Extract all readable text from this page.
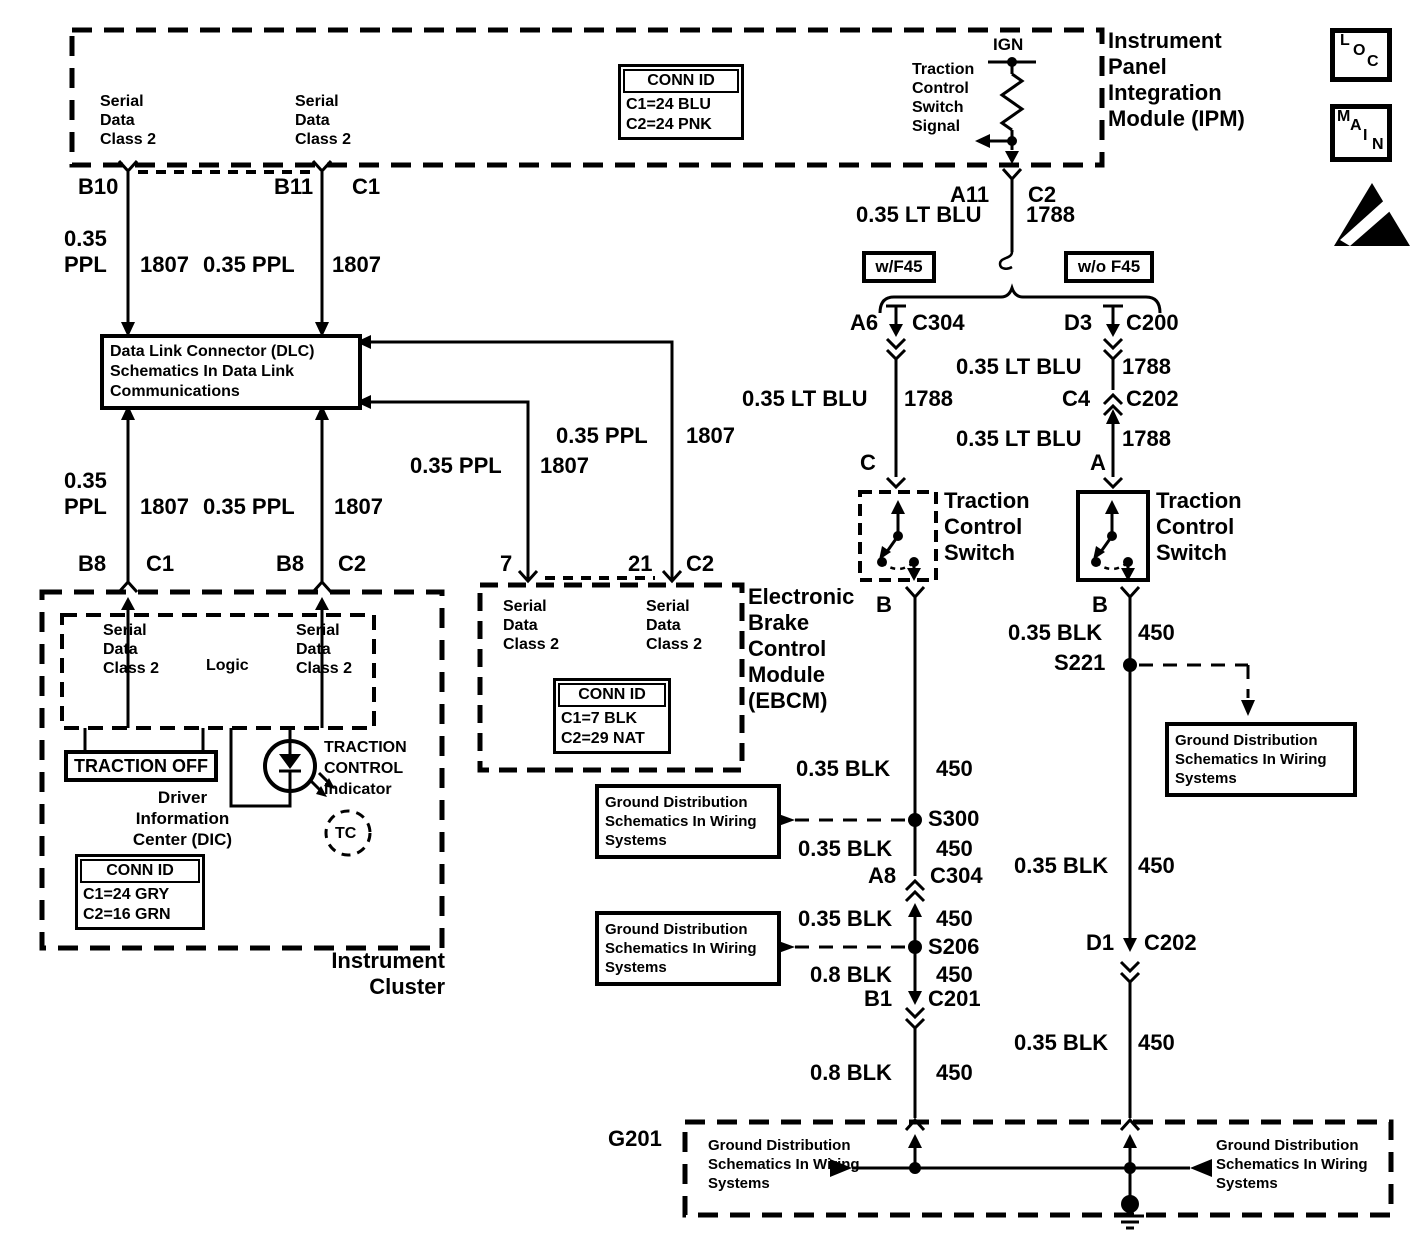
Serial Data Class 2
Serial Data Class 2
CONN ID
C1=24 BLU
C2=24 PNK
IGN
Traction Control Switch Signal
Instrument Panel Integration Module (IPM)
B10	B11 C1	A11 C2
0.35 PPL	1807 0.35 PPL 1807
0.35 LT BLU 1788
w/F45	w/o F45
A6 C304	D3 C200
0.35 LT BLU 1788
0.35 LT BLU 1788
C4 C202
0.35 LT BLU 1788
C	A
Traction Control Switch
Traction Control Switch
B	B
Data Link Connector (DLC) Schematics In Data Link Communications
0.35 PPL	1807 0.35 PPL 1807
B8 C1	B8 C2
0.35 PPL 1807
0.35 PPL 1807
7	21 C2
Serial Data Class 2
Serial Data Class 2
CONN ID
C1=7 BLK
C2=29 NAT
Electronic Brake Control Module (EBCM)
Serial Data Class 2	Logic
Serial Data Class 2
TRACTION OFF
Driver Information Center (DIC)
TRACTION CONTROL Indicator
TC
CONN ID
C1=24 GRY
C2=16 GRN
Instrument Cluster
0.35 BLK 450
Ground Distribution Schematics In Wiring Systems
S300
0.35 BLK 450
A8 C304
0.35 BLK 450
Ground Distribution Schematics In Wiring Systems
S206
0.8 BLK 450
B1 C201
0.8 BLK 450
0.35 BLK 450
S221
Ground Distribution Schematics In Wiring Systems
0.35 BLK 450
D1 C202
0.35 BLK 450
G201	Ground Distribution Schematics In Wiring Systems
Ground Distribution Schematics In Wiring Systems
L
O
C
M
A
I
N
